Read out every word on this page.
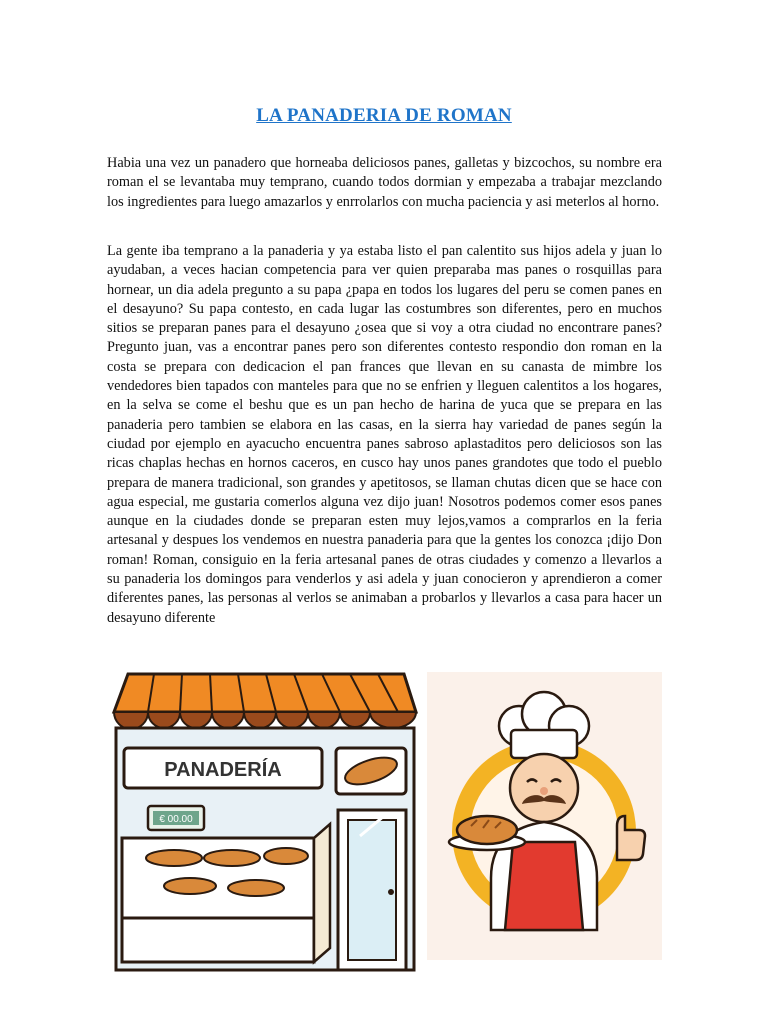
LA PANADERIA DE ROMAN

Habia una vez un panadero que horneaba deliciosos panes, galletas y bizcochos, su nombre era roman el se levantaba muy temprano, cuando todos dormian y empezaba a trabajar mezclando los ingredientes para luego amazarlos y enrrolarlos con mucha paciencia y asi meterlos al horno.

La gente iba temprano a la panaderia y ya estaba listo el pan calentito sus hijos adela y juan lo ayudaban, a veces hacian competencia para ver quien preparaba mas panes o rosquillas para hornear, un dia adela pregunto a su papa ¿papa en todos los lugares del peru se comen panes en el desayuno? Su papa contesto, en cada lugar las costumbres son diferentes, pero en muchos sitios se preparan panes para el desayuno ¿osea que si voy a otra ciudad no encontrare panes? Pregunto juan, vas a encontrar panes pero son diferentes contesto respondio don roman en la costa se prepara con dedicacion el pan frances que llevan en su canasta de mimbre los vendedores bien tapados con manteles para que no se enfrien y lleguen calentitos a los hogares, en la selva se come el beshu que es un pan hecho de harina de yuca que se prepara en las panaderia pero tambien se elabora en las casas, en la sierra hay variedad de panes según la ciudad por ejemplo en ayacucho encuentra panes sabroso aplastaditos pero deliciosos son las ricas chaplas hechas en hornos caceros, en cusco hay unos panes grandotes que todo el pueblo prepara de manera tradicional, son grandes y apetitosos, se llaman chutas dicen que se hace con agua especial, me gustaria comerlos alguna vez dijo juan! Nosotros podemos comer esos panes aunque en la ciudades donde se preparan esten muy lejos,vamos a comprarlos en la feria artesanal y despues los vendemos en nuestra panaderia para que la gentes los conozca ¡dijo Don roman! Roman, consiguio en la feria artesanal panes de otras ciudades y comenzo a llevarlos a su panaderia los domingos para venderlos y asi adela y juan conocieron y aprendieron a comer diferentes panes, las personas al verlos se animaban a probarlos y llevarlos a casa para hacer un desayuno diferente

PANADERÍA
€ 00.00
